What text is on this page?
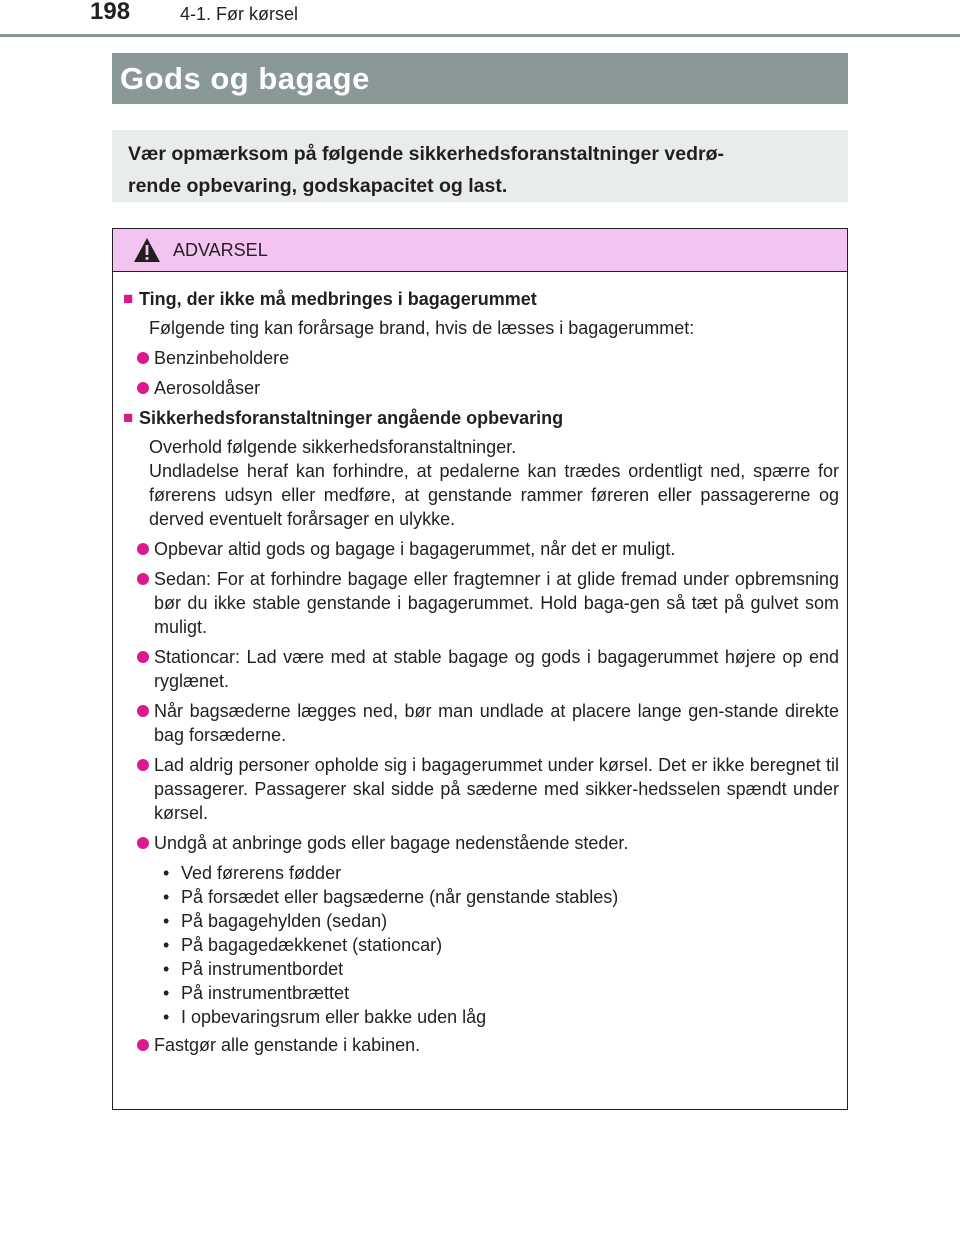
198	4-1. Før kørsel
Gods og bagage

Vær opmærksom på følgende sikkerhedsforanstaltninger vedrø-

rende opbevaring, godskapacitet og last.

ADVARSEL
■ Ting, der ikke må medbringes i bagagerummet

Følgende ting kan forårsage brand, hvis de læsses i bagagerummet:

Benzinbeholdere
Aerosoldåser
■ Sikkerhedsforanstaltninger angående opbevaring

Overhold følgende sikkerhedsforanstaltninger.

Undladelse heraf kan forhindre, at pedalerne kan trædes ordentligt ned, spærre for førerens udsyn eller medføre, at genstande rammer føreren eller passagererne og derved eventuelt forårsager en ulykke.

Opbevar altid gods og bagage i bagagerummet, når det er muligt.
Sedan: For at forhindre bagage eller fragtemner i at glide fremad under opbremsning bør du ikke stable genstande i bagagerummet. Hold baga-gen så tæt på gulvet som muligt.
Stationcar: Lad være med at stable bagage og gods i bagagerummet højere op end ryglænet.
Når bagsæderne lægges ned, bør man undlade at placere lange gen-stande direkte bag forsæderne.
Lad aldrig personer opholde sig i bagagerummet under kørsel. Det er ikke beregnet til passagerer. Passagerer skal sidde på sæderne med sikker-hedsselen spændt under kørsel.
Undgå at anbringe gods eller bagage nedenstående steder.
• Ved førerens fødder
• På forsædet eller bagsæderne (når genstande stables)
• På bagagehylden (sedan)
• På bagagedækkenet (stationcar)
• På instrumentbordet
• På instrumentbrættet
• I opbevaringsrum eller bakke uden låg
Fastgør alle genstande i kabinen.
